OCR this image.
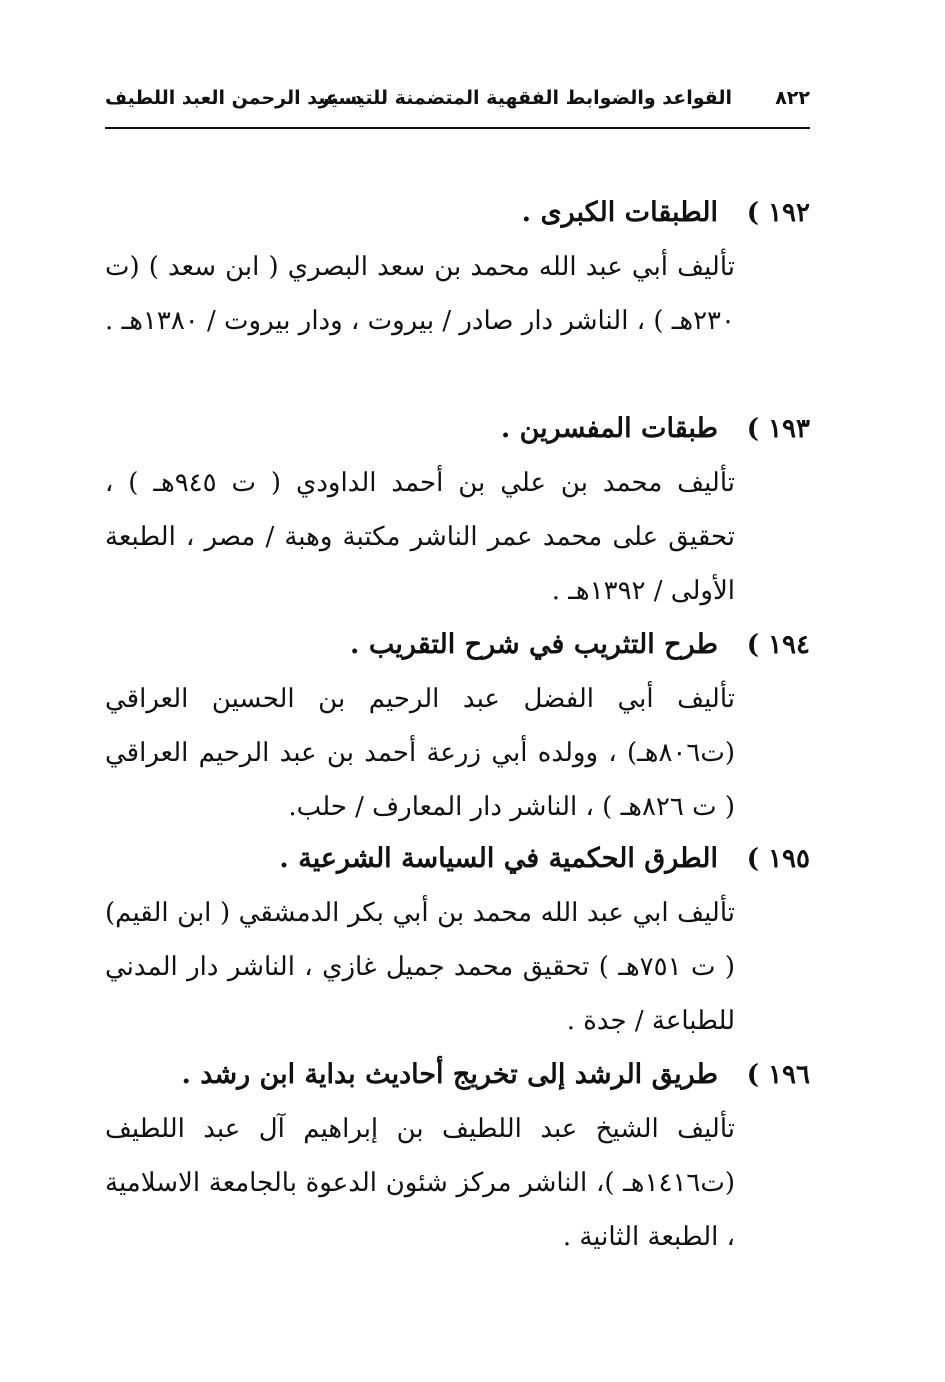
٨٢٢
القواعد والضوابط الفقهية المتضمنة للتيسير
د. عبد الرحمن العبد اللطيف
١٩٢ )
الطبقات الكبرى .
تأليف أبي عبد الله محمد بن سعد البصري ( ابن سعد ) (ت ٢٣٠هـ ) ، الناشر دار صادر / بيروت ، ودار بيروت / ١٣٨٠هـ .
١٩٣ )
طبقات المفسرين .
تأليف محمد بن علي بن أحمد الداودي ( ت ٩٤٥هـ ) ، تحقيق على محمد عمر الناشر مكتبة وهبة / مصر ، الطبعة الأولى / ١٣٩٢هـ .
١٩٤ )
طرح التثريب في شرح التقريب .
تأليف أبي الفضل عبد الرحيم بن الحسين العراقي (ت٨٠٦هـ) ، وولده أبي زرعة أحمد بن عبد الرحيم العراقي ( ت ٨٢٦هـ ) ، الناشر دار المعارف / حلب.
١٩٥ )
الطرق الحكمية في السياسة الشرعية .
تأليف ابي عبد الله محمد بن أبي بكر الدمشقي ( ابن القيم) ( ت ٧٥١هـ ) تحقيق محمد جميل غازي ، الناشر دار المدني للطباعة / جدة .
١٩٦ )
طريق الرشد إلى تخريج أحاديث بداية ابن رشد .
تأليف الشيخ عبد اللطيف بن إبراهيم آل عبد اللطيف (ت١٤١٦هـ )، الناشر مركز شئون الدعوة بالجامعة الاسلامية ، الطبعة الثانية .
